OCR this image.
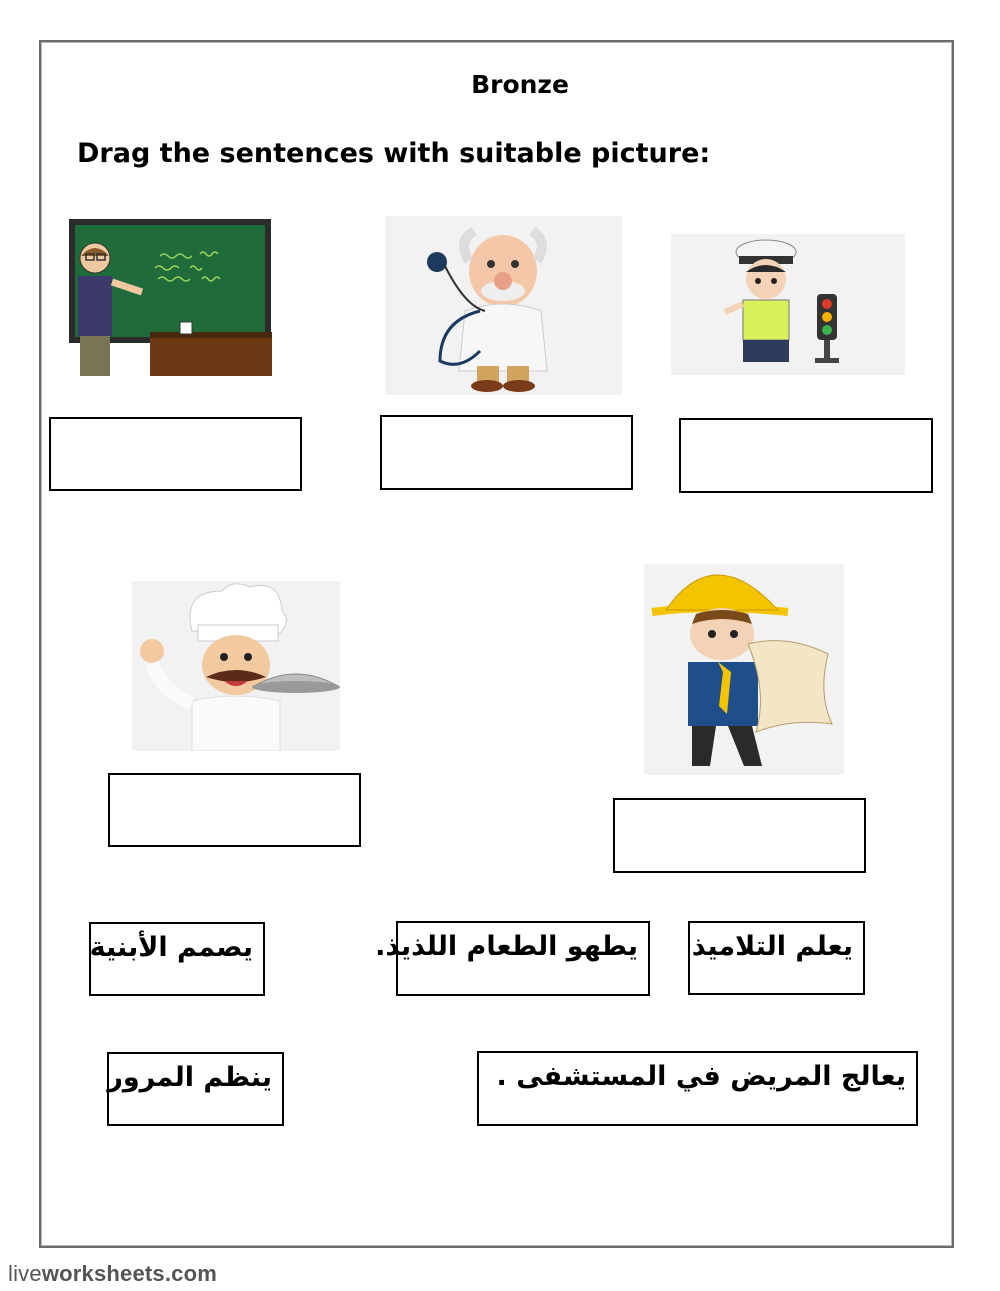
Bronze
Drag the sentences with suitable picture:
يصمم الأبنية	يطهو الطعام اللذيذ.	يعلم التلاميذ
ينظم المرور	يعالج المريض في المستشفى .
liveworksheets.com
